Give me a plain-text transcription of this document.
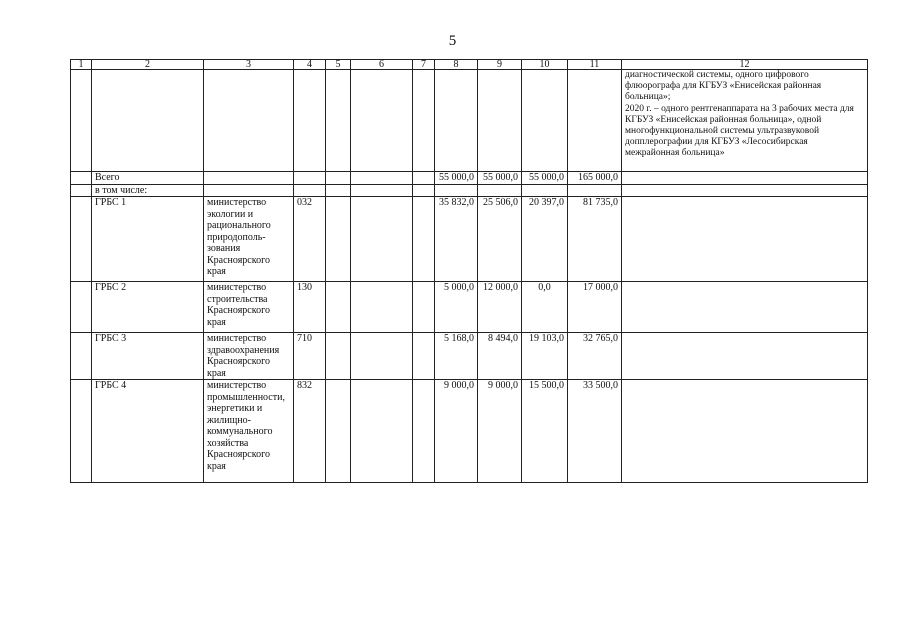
5
1	2	3	4	5	6	7	8	9	10	11	12
											диагностической системы, одного цифрового флюорографа для КГБУЗ «Енисейская районная больница»;
2020 г. – одного рентгенаппарата на 3 рабочих места для КГБУЗ «Енисейская районная больница», одной многофункциональной системы ультразвуковой допплерографии для КГБУЗ «Лесосибирская межрайонная больница»
	Всего						55 000,0	55 000,0	55 000,0	165 000,0	
	в том числе:										
	ГРБС 1	министерство экологии и рационального природополь-зования Красноярского края	032				35 832,0	25 506,0	20 397,0	81 735,0	
	ГРБС 2	министерство строительства Красноярского края	130				5 000,0	12 000,0	0,0	17 000,0	
	ГРБС 3	министерство здравоохранения Красноярского края	710				5 168,0	8 494,0	19 103,0	32 765,0	
	ГРБС 4	министерство промышленности, энергетики и жилищно-коммунального хозяйства Красноярского края	832				9 000,0	9 000,0	15 500,0	33 500,0	
